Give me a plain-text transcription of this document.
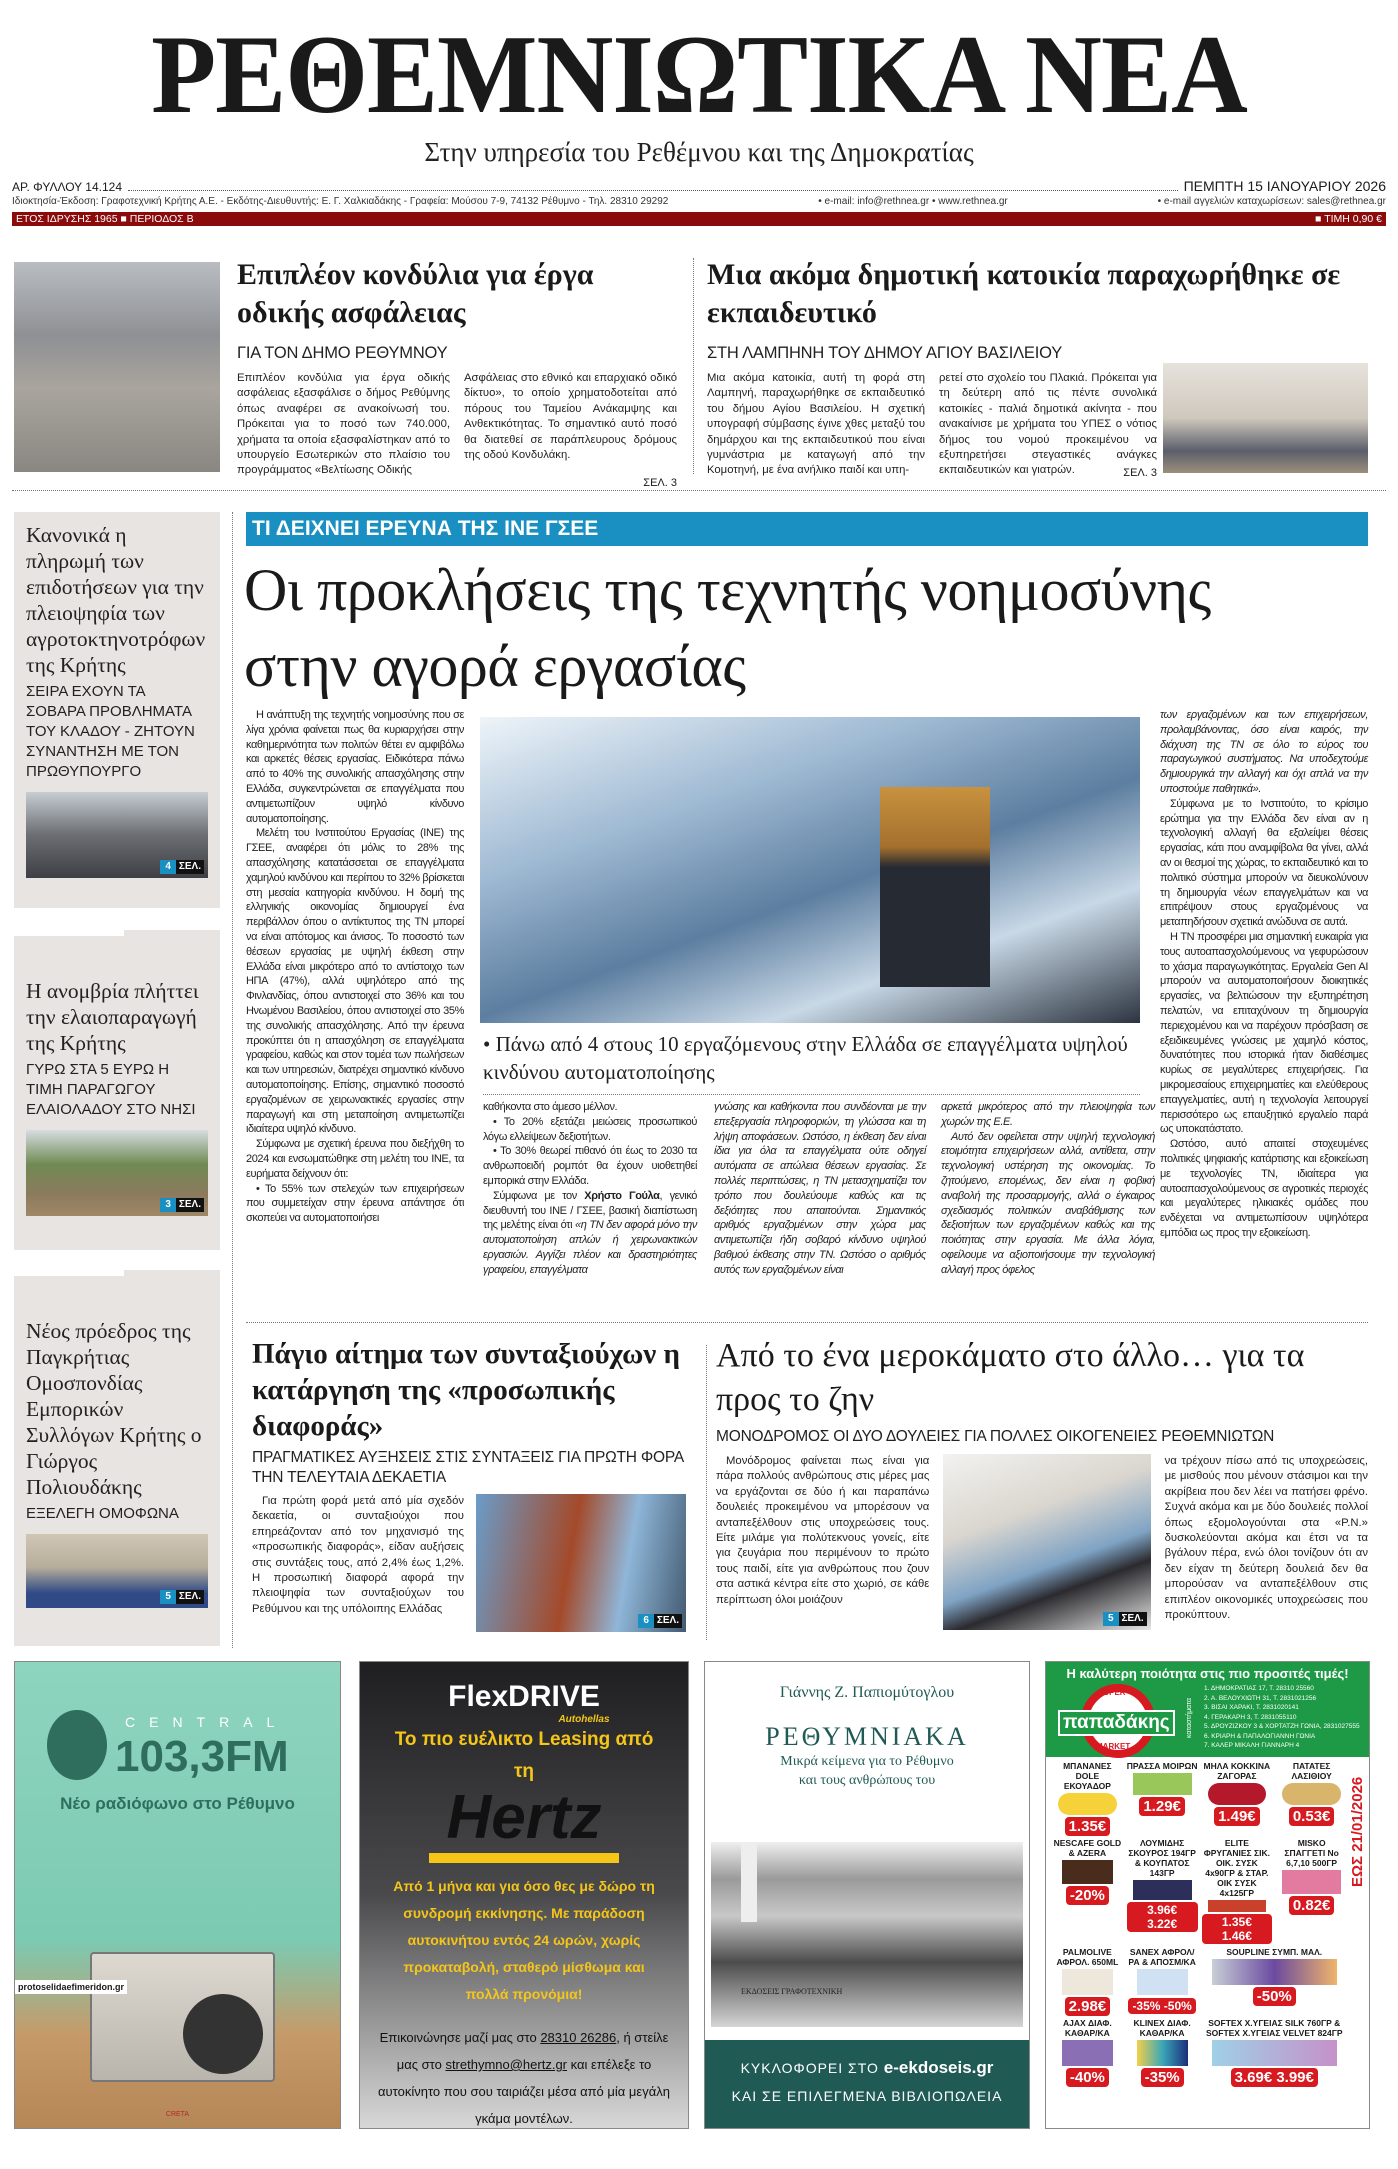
ΡΕΘΕΜΝΙΩΤΙΚΑ ΝΕΑ
Στην υπηρεσία του Ρεθέμνου και της Δημοκρατίας
ΑΡ. ΦΥΛΛΟΥ 14.124	ΠΕΜΠΤΗ 15 ΙΑΝΟΥΑΡΙΟΥ 2026
Ιδιοκτησία-Έκδοση: Γραφοτεχνική Κρήτης Α.Ε. - Εκδότης-Διευθυντής: Ε. Γ. Χαλκιαδάκης - Γραφεία: Μούσου 7-9, 74132 Ρέθυμνο - Τηλ. 28310 29292	• e-mail: info@rethnea.gr • www.rethnea.gr	• e-mail αγγελιών καταχωρίσεων: sales@rethnea.gr
ΕΤΟΣ ΙΔΡΥΣΗΣ 1965 ■ ΠΕΡΙΟΔΟΣ Β	■ ΤΙΜΗ 0,90 €
Επιπλέον κονδύλια για έργα οδικής ασφάλειας
ΓΙΑ ΤΟΝ ΔΗΜΟ ΡΕΘΥΜΝΟΥ
Επιπλέον κονδύλια για έργα οδικής ασφάλειας εξασφάλισε ο δήμος Ρεθύμνης όπως αναφέρει σε ανακοίνωσή του. Πρόκειται για το ποσό των 740.000, χρήματα τα οποία εξασφαλίστηκαν από το υπουργείο Εσωτερικών στο πλαίσιο του προγράμματος «Βελτίωσης Οδικής
Ασφάλειας στο εθνικό και επαρχιακό οδικό δίκτυο», το οποίο χρηματοδοτείται από πόρους του Ταμείου Ανάκαμψης και Ανθεκτικότητας. Το σημαντικό αυτό ποσό θα διατεθεί σε παράπλευρους δρόμους της οδού Κονδυλάκη.
ΣΕΛ. 3
Μια ακόμα δημοτική κατοικία παραχωρήθηκε σε εκπαιδευτικό
ΣΤΗ ΛΑΜΠΗΝΗ ΤΟΥ ΔΗΜΟΥ ΑΓΙΟΥ ΒΑΣΙΛΕΙΟΥ
Μια ακόμα κατοικία, αυτή τη φορά στη Λαμπηνή, παραχωρήθηκε σε εκπαιδευτικό του δήμου Αγίου Βασιλείου. Η σχετική υπογραφή σύμβασης έγινε χθες μεταξύ του δημάρχου και της εκπαιδευτικού που είναι γυμνάστρια με καταγωγή από την Κομοτηνή, με ένα ανήλικο παιδί και υπη-
ρετεί στο σχολείο του Πλακιά. Πρόκειται για τη δεύτερη από τις πέντε συνολικά κατοικίες - παλιά δημοτικά ακίνητα - που ανακαίνισε με χρήματα του ΥΠΕΣ ο νότιος δήμος του νομού προκειμένου να εξυπηρετήσει στεγαστικές ανάγκες εκπαιδευτικών και γιατρών.	ΣΕΛ. 3
Κανονικά η πληρωμή των επιδοτήσεων για την πλειοψηφία των αγροτοκτηνοτρόφων της Κρήτης
ΣΕΙΡΑ ΕΧΟΥΝ ΤΑ ΣΟΒΑΡΑ ΠΡΟΒΛΗΜΑΤΑ ΤΟΥ ΚΛΑΔΟΥ - ΖΗΤΟΥΝ ΣΥΝΑΝΤΗΣΗ ΜΕ ΤΟΝ ΠΡΩΘΥΠΟΥΡΓΟ
4 ΣΕΛ.
Η ανομβρία πλήττει την ελαιοπαραγωγή της Κρήτης
ΓΥΡΩ ΣΤΑ 5 ΕΥΡΩ Η ΤΙΜΗ ΠΑΡΑΓΩΓΟΥ ΕΛΑΙΟΛΑΔΟΥ ΣΤΟ ΝΗΣΙ
3 ΣΕΛ.
Νέος πρόεδρος της Παγκρήτιας Ομοσπονδίας Εμπορικών Συλλόγων Κρήτης ο Γιώργος Πολιουδάκης
ΕΞΕΛΕΓΗ ΟΜΟΦΩΝΑ
5 ΣΕΛ.
ΤΙ ΔΕΙΧΝΕΙ ΕΡΕΥΝΑ ΤΗΣ ΙΝΕ ΓΣΕΕ
Οι προκλήσεις της τεχνητής νοημοσύνης
στην αγορά εργασίας

Η ανάπτυξη της τεχνητής νοημοσύνης που σε λίγα χρόνια φαίνεται πως θα κυριαρχήσει στην καθημερινότητα των πολιτών θέτει εν αμφιβόλω και αρκετές θέσεις εργασίας. Ειδικότερα πάνω από το 40% της συνολικής απασχόλησης στην Ελλάδα, συγκεντρώνεται σε επαγγέλματα που αντιμετωπίζουν υψηλό κίνδυνο αυτοματοποίησης.

Μελέτη του Ινστιτούτου Εργασίας (ΙΝΕ) της ΓΣΕΕ, αναφέρει ότι μόλις το 28% της απασχόλησης κατατάσσεται σε επαγγέλματα χαμηλού κινδύνου και περίπου το 32% βρίσκεται στη μεσαία κατηγορία κινδύνου. Η δομή της ελληνικής οικονομίας δημιουργεί ένα περιβάλλον όπου ο αντίκτυπος της ΤΝ μπορεί να είναι απότομος και άνισος. Το ποσοστό των θέσεων εργασίας με υψηλή έκθεση στην Ελλάδα είναι μικρότερο από το αντίστοιχο των ΗΠΑ (47%), αλλά υψηλότερο από της Φινλανδίας, όπου αντιστοιχεί στο 36% και του Ηνωμένου Βασιλείου, όπου αντιστοιχεί στο 35% της συνολικής απασχόλησης. Από την έρευνα προκύπτει ότι η απασχόληση σε επαγγέλματα γραφείου, καθώς και στον τομέα των πωλήσεων και των υπηρεσιών, διατρέχει σημαντικό κίνδυνο αυτοματοποίησης. Επίσης, σημαντικό ποσοστό εργαζομένων σε χειρωνακτικές εργασίες στην παραγωγή και στη μεταποίηση αντιμετωπίζει ιδιαίτερα υψηλό κίνδυνο.

Σύμφωνα με σχετική έρευνα που διεξήχθη το 2024 και ενσωματώθηκε στη μελέτη του ΙΝΕ, τα ευρήματα δείχνουν ότι:

• Το 55% των στελεχών των επιχειρήσεων που συμμετείχαν στην έρευνα απάντησε ότι σκοπεύει να αυτοματοποιήσει

• Πάνω από 4 στους 10 εργαζόμενους στην Ελλάδα σε επαγγέλματα υψηλού κινδύνου αυτοματοποίησης
καθήκοντα στο άμεσο μέλλον.

• Το 20% εξετάζει μειώσεις προσωπικού λόγω ελλείψεων δεξιοτήτων.

• Το 30% θεωρεί πιθανό ότι έως το 2030 τα ανθρωποειδή ρομπότ θα έχουν υιοθετηθεί εμπορικά στην Ελλάδα.

Σύμφωνα με τον Χρήστο Γούλα, γενικό διευθυντή του ΙΝΕ / ΓΣΕΕ, βασική διαπίστωση της μελέτης είναι ότι «η ΤΝ δεν αφορά μόνο την αυτοματοποίηση απλών ή χειρωνακτικών εργασιών. Αγγίζει πλέον και δραστηριότητες γραφείου, επαγγέλματα

γνώσης και καθήκοντα που συνδέονται με την επεξεργασία πληροφοριών, τη γλώσσα και τη λήψη αποφάσεων. Ωστόσο, η έκθεση δεν είναι ίδια για όλα τα επαγγέλματα ούτε οδηγεί αυτόματα σε απώλεια θέσεων εργασίας. Σε πολλές περιπτώσεις, η ΤΝ μετασχηματίζει τον τρόπο που δουλεύουμε καθώς και τις δεξιότητες που απαιτούνται. Σημαντικός αριθμός εργαζομένων στην χώρα μας αντιμετωπίζει ήδη σοβαρό κίνδυνο υψηλού βαθμού έκθεσης στην ΤΝ. Ωστόσο ο αριθμός αυτός των εργαζομένων είναι
αρκετά μικρότερος από την πλειοψηφία των χωρών της Ε.Ε.

Αυτό δεν οφείλεται στην υψηλή τεχνολογική ετοιμότητα επιχειρήσεων αλλά, αντίθετα, στην τεχνολογική υστέρηση της οικονομίας. Το ζητούμενο, επομένως, δεν είναι η φοβική αναβολή της προσαρμογής, αλλά ο έγκαιρος σχεδιασμός πολιτικών αναβάθμισης των δεξιοτήτων των εργαζομένων καθώς και της ποιότητας στην εργασία. Με άλλα λόγια, οφείλουμε να αξιοποιήσουμε την τεχνολογική αλλαγή προς όφελος

των εργαζομένων και των επιχειρήσεων, προλαμβάνοντας, όσο είναι καιρός, την διάχυση της ΤΝ σε όλο το εύρος του παραγωγικού συστήματος. Να υποδεχτούμε δημιουργικά την αλλαγή και όχι απλά να την υποστούμε παθητικά».

Σύμφωνα με το Ινστιτούτο, το κρίσιμο ερώτημα για την Ελλάδα δεν είναι αν η τεχνολογική αλλαγή θα εξαλείψει θέσεις εργασίας, κάτι που αναμφίβολα θα γίνει, αλλά αν οι θεσμοί της χώρας, το εκπαιδευτικό και το πολιτικό σύστημα μπορούν να διευκολύνουν τη δημιουργία νέων επαγγελμάτων και να επιτρέψουν στους εργαζομένους να μεταπηδήσουν σχετικά ανώδυνα σε αυτά.

Η ΤΝ προσφέρει μια σημαντική ευκαιρία για τους αυτοαπασχολούμενους να γεφυρώσουν το χάσμα παραγωγικότητας. Εργαλεία Gen AI μπορούν να αυτοματοποιήσουν διοικητικές εργασίες, να βελτιώσουν την εξυπηρέτηση πελατών, να επιταχύνουν τη δημιουργία περιεχομένου και να παρέχουν πρόσβαση σε εξειδικευμένες γνώσεις με χαμηλό κόστος, δυνατότητες που ιστορικά ήταν διαθέσιμες κυρίως σε μεγαλύτερες επιχειρήσεις. Για μικρομεσαίους επιχειρηματίες και ελεύθερους επαγγελματίες, αυτή η τεχνολογία λειτουργεί περισσότερο ως επαυξητικό εργαλείο παρά ως υποκατάστατο.

Ωστόσο, αυτό απαιτεί στοχευμένες πολιτικές ψηφιακής κατάρτισης και εξοικείωση με τεχνολογίες ΤΝ, ιδιαίτερα για αυτοαπασχολούμενους σε αγροτικές περιοχές και μεγαλύτερες ηλικιακές ομάδες που ενδέχεται να αντιμετωπίσουν υψηλότερα εμπόδια ως προς την εξοικείωση.

Πάγιο αίτημα των συνταξιούχων η κατάργηση της «προσωπικής διαφοράς»
ΠΡΑΓΜΑΤΙΚΕΣ ΑΥΞΗΣΕΙΣ ΣΤΙΣ ΣΥΝΤΑΞΕΙΣ ΓΙΑ ΠΡΩΤΗ ΦΟΡΑ ΤΗΝ ΤΕΛΕΥΤΑΙΑ ΔΕΚΑΕΤΙΑ

Για πρώτη φορά μετά από μία σχεδόν δεκαετία, οι συνταξιούχοι που επηρεάζονταν από τον μηχανισμό της «προσωπικής διαφοράς», είδαν αυξήσεις στις συντάξεις τους, από 2,4% έως 1,2%. Η προσωπική διαφορά αφορά την πλειοψηφία των συνταξιούχων του Ρεθύμνου και της υπόλοιπης Ελλάδας

6 ΣΕΛ.
Από το ένα μεροκάματο στο άλλο… για τα προς το ζην
ΜΟΝΟΔΡΟΜΟΣ ΟΙ ΔΥΟ ΔΟΥΛΕΙΕΣ ΓΙΑ ΠΟΛΛΕΣ ΟΙΚΟΓΕΝΕΙΕΣ ΡΕΘΕΜΝΙΩΤΩΝ

Μονόδρομος φαίνεται πως είναι για πάρα πολλούς ανθρώπους στις μέρες μας να εργάζονται σε δύο ή και παραπάνω δουλειές προκειμένου να μπορέσουν να ανταπεξέλθουν στις υποχρεώσεις τους. Είτε μιλάμε για πολύτεκνους γονείς, είτε για ζευγάρια που περιμένουν το πρώτο τους παιδί, είτε για ανθρώπους που ζουν στα αστικά κέντρα είτε στο χωριό, σε κάθε περίπτωση όλοι μοιάζουν

5 ΣΕΛ.
να τρέχουν πίσω από τις υποχρεώσεις, με μισθούς που μένουν στάσιμοι και την ακρίβεια που δεν λέει να πατήσει φρένο. Συχνά ακόμα και με δύο δουλειές πολλοί όπως εξομολογούνται στα «Ρ.Ν.» δυσκολεύονται ακόμα και έτσι να τα βγάλουν πέρα, ενώ όλοι τονίζουν ότι αν δεν είχαν τη δεύτερη δουλειά δεν θα μπορούσαν να ανταπεξέλθουν στις επιπλέον οικονομικές υποχρεώσεις που προκύπτουν.
CENTRAL
103,3FM
Νέο ραδιόφωνο στο Ρέθυμνο
protoselidaefimeridon.gr
CRETA
FlexDRIVE
Autohellas
Το πιο ευέλικτο Leasing από
τη
Hertz
Από 1 μήνα και για όσο θες με δώρο τη συνδρομή εκκίνησης. Με παράδοση αυτοκινήτου εντός 24 ωρών, χωρίς προκαταβολή, σταθερό μίσθωμα και πολλά προνόμια!
Επικοινώνησε μαζί μας στο 28310 26286, ή στείλε μας στο strethymno@hertz.gr και επέλεξε το αυτοκίνητο που σου ταιριάζει μέσα από μία μεγάλη γκάμα μοντέλων.
Γιάννης Ζ. Παπιομύτογλου
ΡΕΘΥΜΝΙΑΚΑ
Μικρά κείμενα για το Ρέθυμνο και τους ανθρώπους του
ΕΚΔΟΣΕΙΣ ΓΡΑΦΟΤΕΧΝΙΚΗ
ΚΥΚΛΟΦΟΡΕΙ ΣΤΟ e-ekdoseis.gr
ΚΑΙ ΣΕ ΕΠΙΛΕΓΜΕΝΑ ΒΙΒΛΙΟΠΩΛΕΙΑ
Η καλύτερη ποιότητα στις πιο προσιτές τιμές!
SUPER
παπαδάκης
MARKET
καταστήματα
1. ΔΗΜΟΚΡΑΤΙΑΣ 17, Τ. 28310 25560
2. Α. ΒΕΛΟΥΧΙΩΤΗ 31, Τ. 2831021256
3. ΒΙΣΑΙ ΧΑΡΑΚΙ, Τ. 2831020141
4. ΓΕΡΑΚΑΡΗ 3, Τ. 2831055110
5. ΔΡΟΥΖΙΖΚΟΥ 3 & ΧΟΡΤΑΤΖΗ ΓΩΝΙΑ, 2831027555
6. ΚΡΙΑΡΗ & ΠΑΠΑΛΟΓΙΑΝΝΗ ΓΩΝΙΑ
7. ΚΑΛΕΡ ΜΙΚΑΛΗ ΓΙΑΝΝΑΡΗ 4
ΕΩΣ 21/01/2026
ΜΠΑΝΑΝΕΣ DOLE ΕΚΟΥΑΔΟΡ
1.35€
ΠΡΑΣΣΑ ΜΟΙΡΩΝ
1.29€
ΜΗΛΑ ΚΟΚΚΙΝΑ ΖΑΓΟΡΑΣ
1.49€
ΠΑΤΑΤΕΣ ΛΑΣΙΘΙΟΥ
0.53€
NESCAFE GOLD & AZERA
-20%
ΛΟΥΜΙΔΗΣ ΣΚΟΥΡΟΣ 194ΓΡ & ΚΟΥΠΑΤΟΣ 143ΓΡ
3.96€ 3.22€
ELITE ΦΡΥΓΑΝΙΕΣ ΣΙΚ. ΟΙΚ. ΣΥΣΚ 4x90ΓΡ & ΣΤΑΡ. ΟΙΚ ΣΥΣΚ 4x125ΓΡ
1.35€ 1.46€
MISKO ΣΠΑΓΓΕΤΙ No 6,7,10 500ΓΡ
0.82€
PALMOLIVE ΑΦΡΟΛ. 650ML
2.98€
SANEX ΑΦΡΟΛ/ΡΑ & ΑΠΟΣΜ/ΚΑ
-35% -50%
SOUPLINE ΣΥΜΠ. ΜΑΛ.
-50%
AJAX ΔΙΑΦ. ΚΑΘΑΡ/ΚΑ
-40%
KLINEX ΔΙΑΦ. ΚΑΘΑΡ/ΚΑ
-35%
SOFTEX Χ.ΥΓΕΙΑΣ SILK 760ΓΡ & SOFTEX Χ.ΥΓΕΙΑΣ VELVET 824ΓΡ
3.69€ 3.99€
